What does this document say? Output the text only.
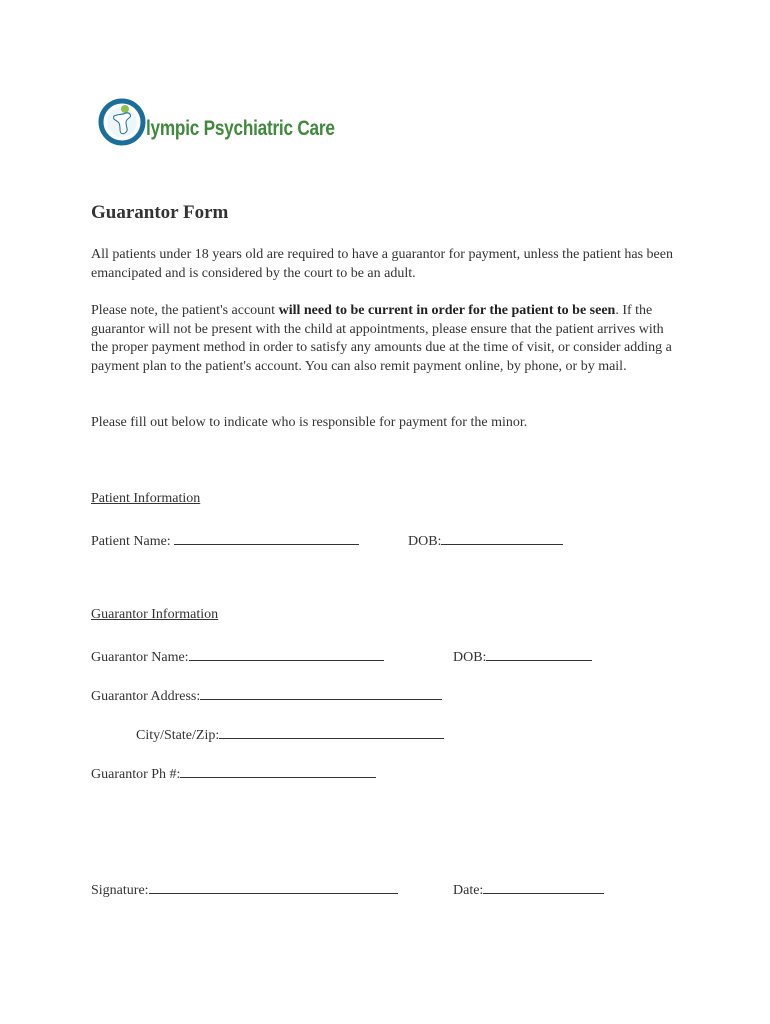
lympic Psychiatric Care
Guarantor Form
All patients under 18 years old are required to have a guarantor for payment, unless the patient has been emancipated and is considered by the court to be an adult.
Please note, the patient's account will need to be current in order for the patient to be seen. If the guarantor will not be present with the child at appointments, please ensure that the patient arrives with the proper payment method in order to satisfy any amounts due at the time of visit, or consider adding a payment plan to the patient's account. You can also remit payment online, by phone, or by mail.
Please fill out below to indicate who is responsible for payment for the minor.
Patient Information
Patient Name:	DOB:
Guarantor Information
Guarantor Name:	DOB:
Guarantor Address:
City/State/Zip:
Guarantor Ph #:
Signature:	Date:
